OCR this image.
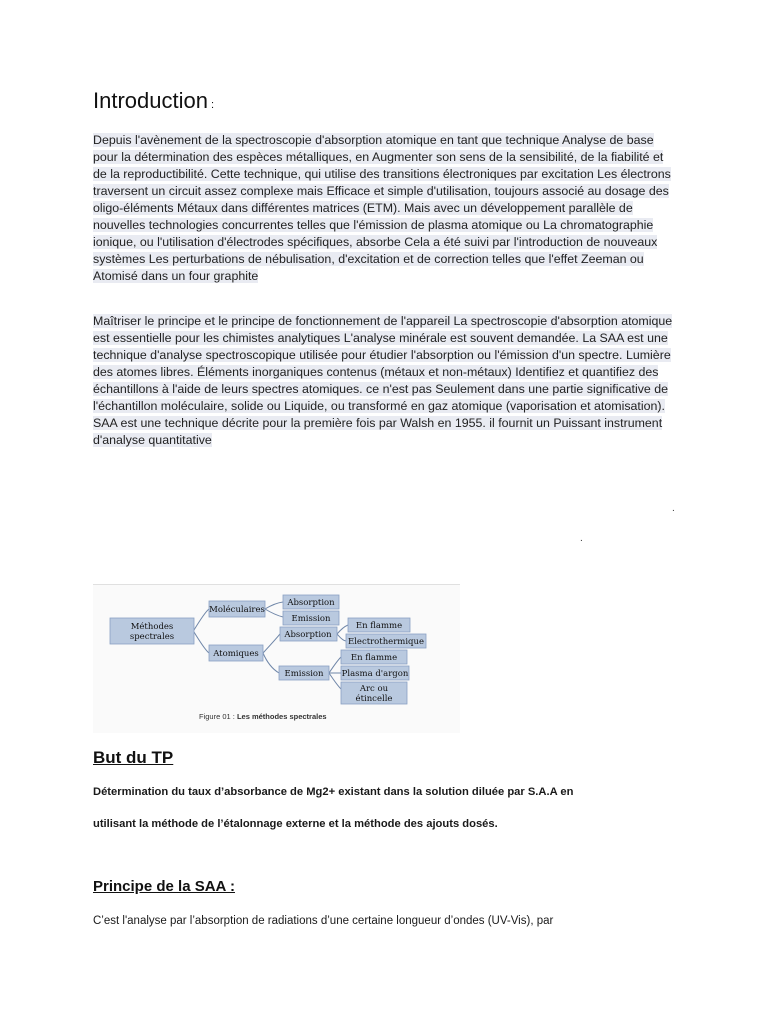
Introduction :
Depuis l'avènement de la spectroscopie d'absorption atomique en tant que technique Analyse de base pour la détermination des espèces métalliques, en Augmenter son sens de la sensibilité, de la fiabilité et de la reproductibilité. Cette technique, qui utilise des transitions électroniques par excitation Les électrons traversent un circuit assez complexe mais Efficace et simple d'utilisation, toujours associé au dosage des oligo-éléments Métaux dans différentes matrices (ETM). Mais avec un développement parallèle de nouvelles technologies concurrentes telles que l'émission de plasma atomique ou La chromatographie ionique, ou l'utilisation d'électrodes spécifiques, absorbe Cela a été suivi par l'introduction de nouveaux systèmes Les perturbations de nébulisation, d'excitation et de correction telles que l'effet Zeeman ou Atomisé dans un four graphite
Maîtriser le principe et le principe de fonctionnement de l'appareil La spectroscopie d'absorption atomique est essentielle pour les chimistes analytiques L'analyse minérale est souvent demandée. La SAA est une technique d'analyse spectroscopique utilisée pour étudier l'absorption ou l'émission d'un spectre. Lumière des atomes libres. Éléments inorganiques contenus (métaux et non-métaux) Identifiez et quantifiez des échantillons à l'aide de leurs spectres atomiques. ce n'est pas Seulement dans une partie significative de l'échantillon moléculaire, solide ou Liquide, ou transformé en gaz atomique (vaporisation et atomisation). SAA est une technique décrite pour la première fois par Walsh en 1955. il fournit un Puissant instrument d'analyse quantitative
.
.
Méthodes
spectrales
Moléculaires
Atomiques
Absorption
Emission
Absorption
Emission
En flamme
Electrothermique
En flamme
Plasma d'argon
Arc ou
étincelle
Figure 01 : Les méthodes spectrales
But du TP
Détermination du taux d’absorbance de Mg2+ existant dans la solution diluée par S.A.A en
utilisant la méthode de l’étalonnage externe et la méthode des ajouts dosés.
Principe de la SAA :
C’est l'analyse par l’absorption de radiations d’une certaine longueur d’ondes (UV-Vis), par
